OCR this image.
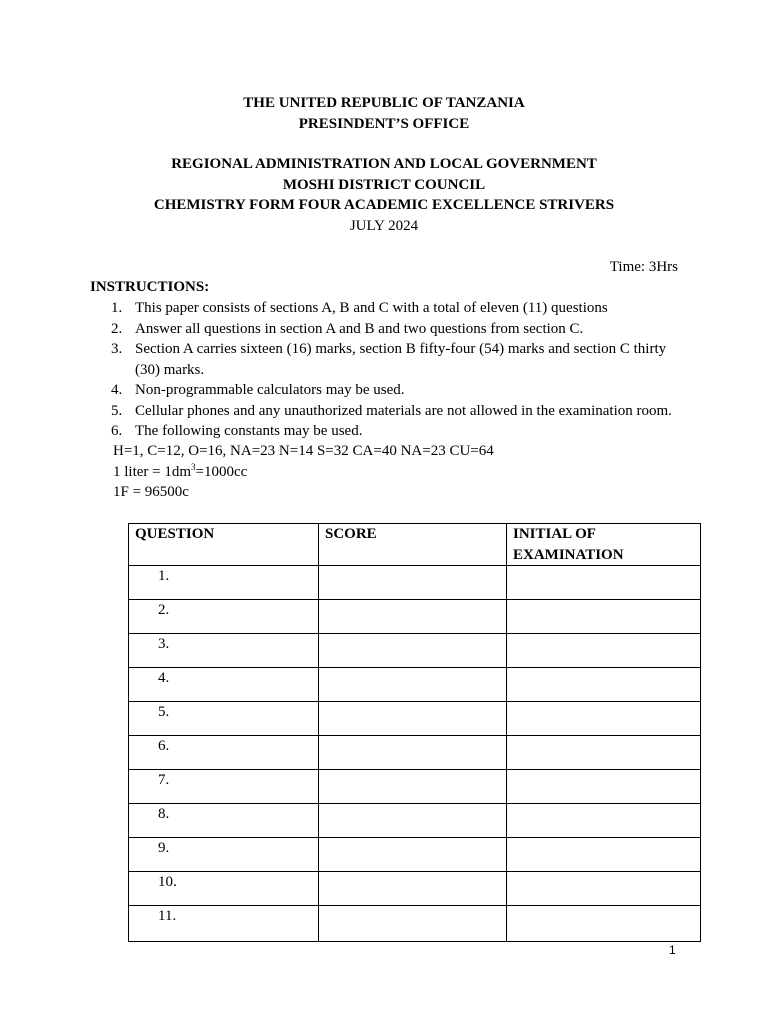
THE UNITED REPUBLIC OF TANZANIA
PRESINDENT’S OFFICE
REGIONAL ADMINISTRATION AND LOCAL GOVERNMENT
MOSHI DISTRICT COUNCIL
CHEMISTRY FORM FOUR ACADEMIC EXCELLENCE STRIVERS
JULY 2024
Time: 3Hrs
INSTRUCTIONS:
1. This paper consists of sections A, B and C with a total of eleven (11) questions
2. Answer all questions in section A and B and two questions from section C.
3. Section A carries sixteen (16) marks, section B fifty-four (54) marks and section C thirty (30) marks.
4. Non-programmable calculators may be used.
5. Cellular phones and any unauthorized materials are not allowed in the examination room.
6. The following constants may be used.
H=1, C=12, O=16, NA=23 N=14 S=32 CA=40 NA=23 CU=64
1 liter = $1dm^3=1000cc$
1F = 96500c
QUESTION	SCORE	INITIAL OF EXAMINATION
1.		
2.		
3.		
4.		
5.		
6.		
7.		
8.		
9.		
10.		
11.		
1
